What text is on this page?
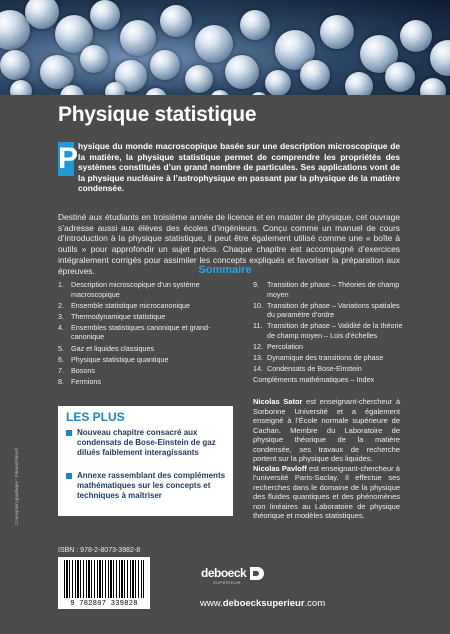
Physique statistique
P hysique du monde macroscopique basée sur une description microscopique de la matière, la physique statistique permet de comprendre les propriétés des systèmes constitués d’un grand nombre de particules. Ses applications vont de la physique nucléaire à l’astrophysique en passant par la physique de la matière condensée.
Destiné aux étudiants en troisième année de licence et en master de physique, cet ouvrage s’adresse aussi aux élèves des écoles d’ingénieurs. Conçu comme un manuel de cours d’introduction à la physique statistique, il peut être également utilisé comme une « boîte à outils » pour approfondir un sujet précis. Chaque chapitre est accompagné d’exercices intégralement corrigés pour assimiler les concepts expliqués et favoriser la préparation aux épreuves.	Sommaire
1. Description microscopique d’un système macroscopique
2. Ensemble statistique microcanonique
3. Thermodynamique statistique
4. Ensembles statistiques canonique et grand-canonique
5. Gaz et liquides classiques
6. Physique statistique quantique
7. Bosons
8. Fermions
9.	Transition de phase – Théories de champ moyen
10. Transition de phase – Variations spatiales du paramètre d’ordre
11. Transition de phase – Validité de la théorie de champ moyen – Lois d’échelles
12. Percolation
13. Dynamique des transitions de phase
14. Condensats de Bose-Einstein
Compléments mathématiques – Index
LES PLUS
Nouveau chapitre consacré aux condensats de Bose-Einstein de gaz dilués faiblement interagissants
Annexe rassemblant des compléments mathématiques sur les concepts et techniques à maîtriser
Nicolas Sator est enseignant-chercheur à Sorbonne Université et a également enseigné à l’École normale supérieure de Cachan. Membre du Laboratoire de physique théorique de la matière condensée, ses travaux de recherche portent sur la physique des liquides.
Nicolas Pavloff est enseignant-chercheur à l’université Paris-Saclay. Il effectue ses recherches dans le domaine de la physique des fluides quantiques et des phénomènes non linéaires au Laboratoire de physique théorique et modèles statistiques.
Conception graphique : Primo&Primo®
ISBN : 978-2-8073-3982-8
9 782807 339828
deboeck
SUPÉRIEUR
www.deboecksuperieur.com
